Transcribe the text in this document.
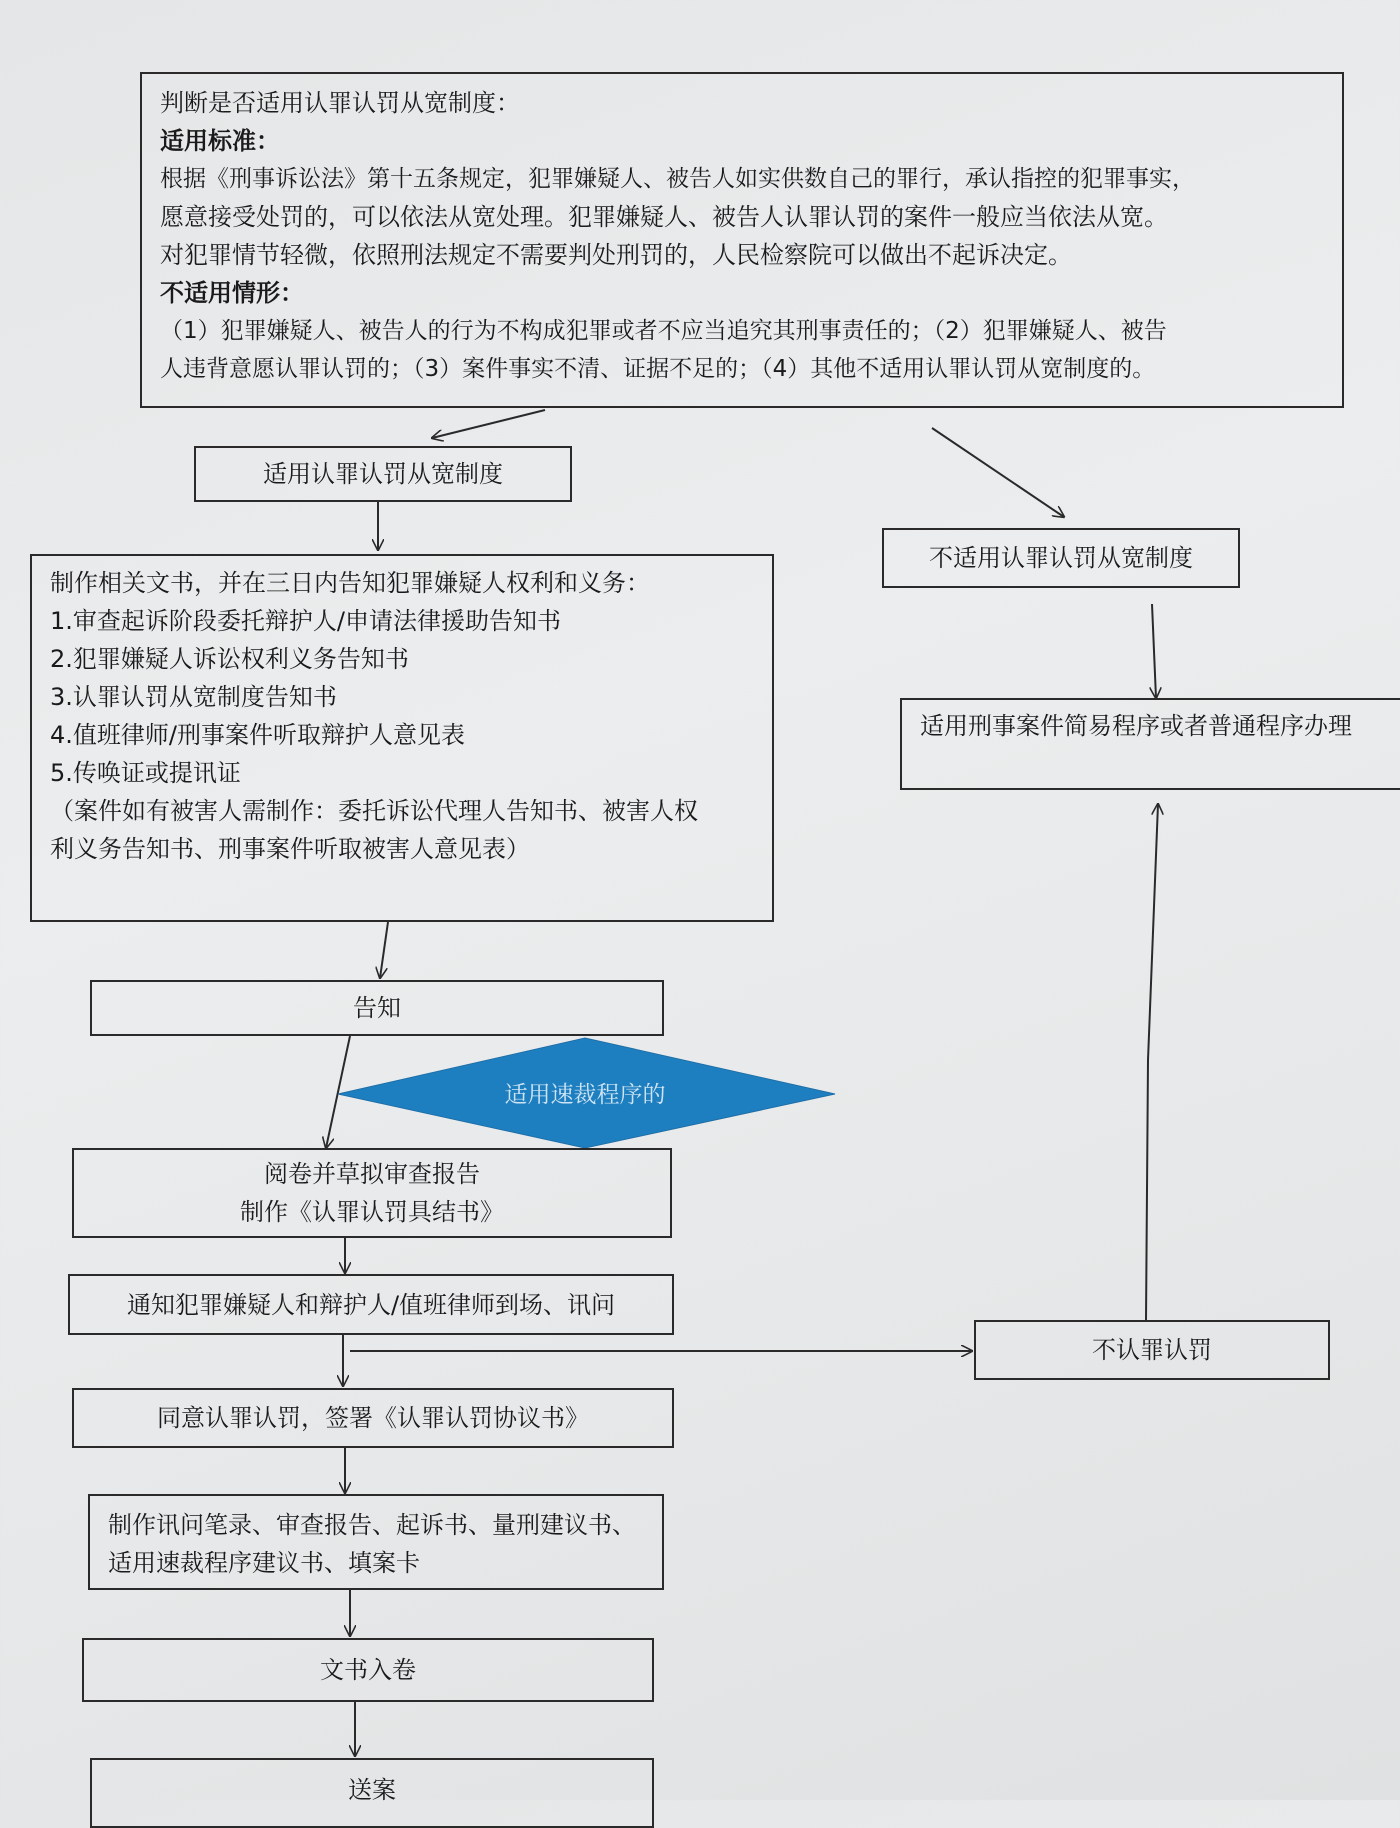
适用速裁程序的
判断是否适用认罪认罚从宽制度：
适用标准：
根据《刑事诉讼法》第十五条规定，犯罪嫌疑人、被告人如实供数自己的罪行，承认指控的犯罪事实，
愿意接受处罚的，可以依法从宽处理。犯罪嫌疑人、被告人认罪认罚的案件一般应当依法从宽。
对犯罪情节轻微，依照刑法规定不需要判处刑罚的，人民检察院可以做出不起诉决定。
不适用情形：
（1）犯罪嫌疑人、被告人的行为不构成犯罪或者不应当追究其刑事责任的；（2）犯罪嫌疑人、被告
人违背意愿认罪认罚的；（3）案件事实不清、证据不足的；（4）其他不适用认罪认罚从宽制度的。
适用认罪认罚从宽制度
不适用认罪认罚从宽制度
适用刑事案件简易程序或者普通程序办理
制作相关文书，并在三日内告知犯罪嫌疑人权利和义务：
1.审查起诉阶段委托辩护人/申请法律援助告知书
2.犯罪嫌疑人诉讼权利义务告知书
3.认罪认罚从宽制度告知书
4.值班律师/刑事案件听取辩护人意见表
5.传唤证或提讯证
（案件如有被害人需制作：委托诉讼代理人告知书、被害人权
利义务告知书、刑事案件听取被害人意见表）
告知
阅卷并草拟审查报告
制作《认罪认罚具结书》
通知犯罪嫌疑人和辩护人/值班律师到场、讯问
不认罪认罚
同意认罪认罚，签署《认罪认罚协议书》
制作讯问笔录、审查报告、起诉书、量刑建议书、
适用速裁程序建议书、填案卡
文书入卷
送案
